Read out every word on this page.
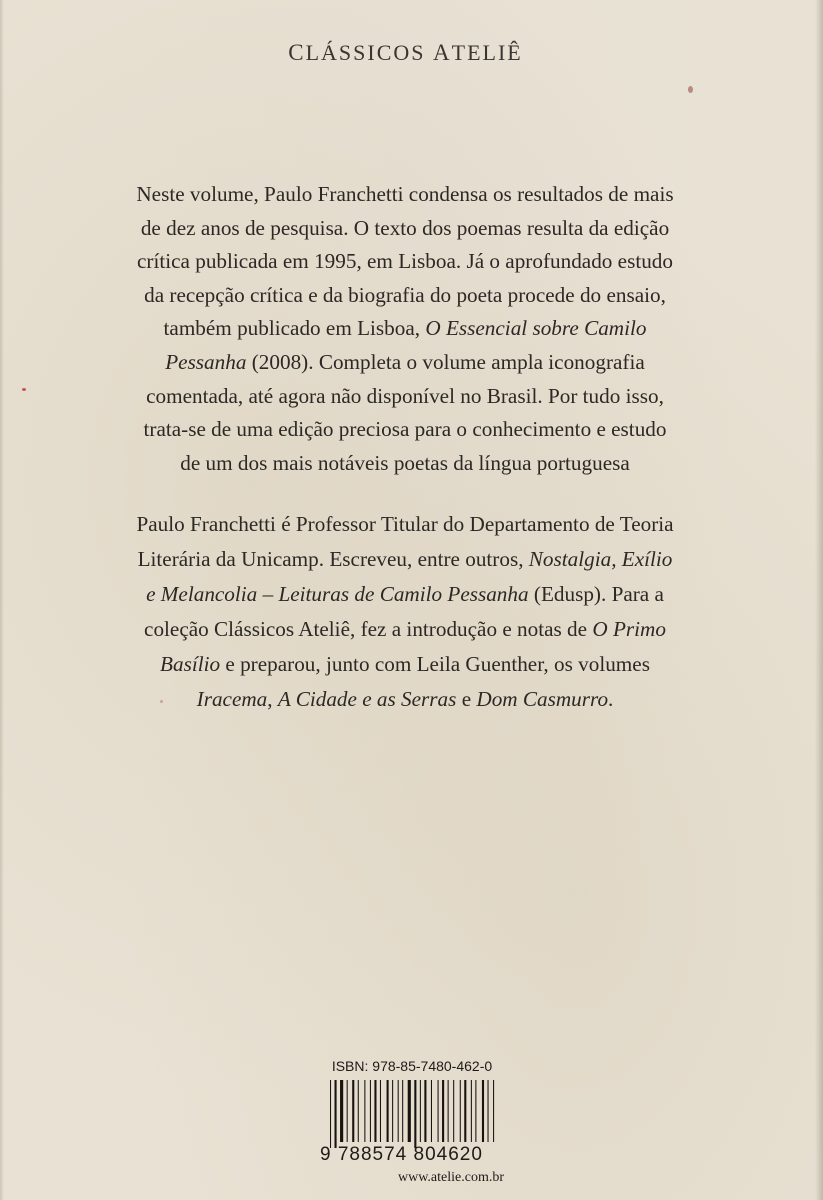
CLÁSSICOS ATELIÊ
Neste volume, Paulo Franchetti condensa os resultados de mais
de dez anos de pesquisa. O texto dos poemas resulta da edição
crítica publicada em 1995, em Lisboa. Já o aprofundado estudo
da recepção crítica e da biografia do poeta procede do ensaio,
também publicado em Lisboa, O Essencial sobre Camilo
Pessanha (2008). Completa o volume ampla iconografia
comentada, até agora não disponível no Brasil. Por tudo isso,
trata-se de uma edição preciosa para o conhecimento e estudo
de um dos mais notáveis poetas da língua portuguesa
Paulo Franchetti é Professor Titular do Departamento de Teoria
Literária da Unicamp. Escreveu, entre outros, Nostalgia, Exílio
e Melancolia – Leituras de Camilo Pessanha (Edusp). Para a
coleção Clássicos Ateliê, fez a introdução e notas de O Primo
Basílio e preparou, junto com Leila Guenther, os volumes
Iracema, A Cidade e as Serras e Dom Casmurro.
ISBN: 978-85-7480-462-0
9 788574 804620
www.atelie.com.br
